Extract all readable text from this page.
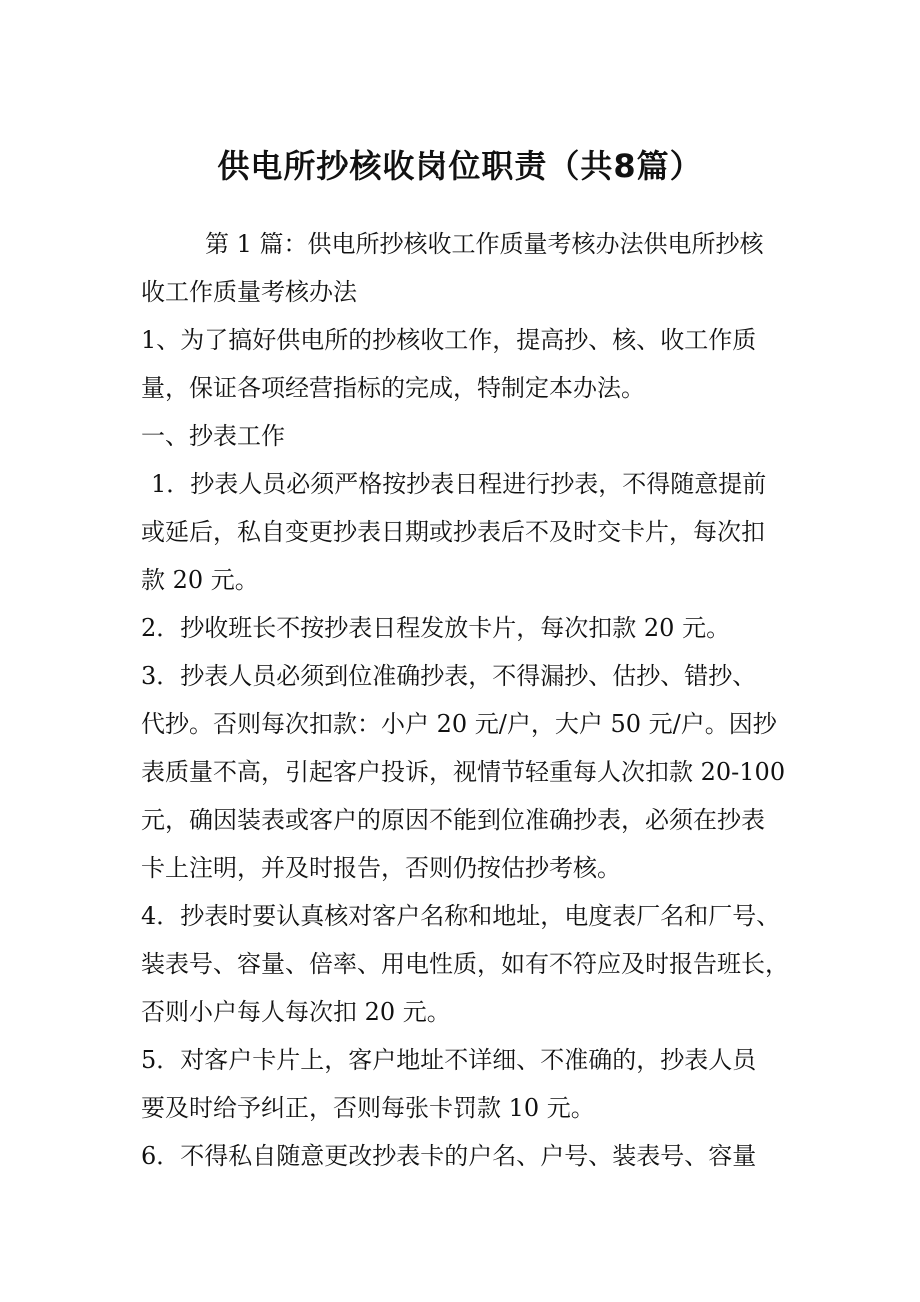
供电所抄核收岗位职责（共8篇）
第 1 篇：供电所抄核收工作质量考核办法供电所抄核
收工作质量考核办法
1、为了搞好供电所的抄核收工作，提高抄、核、收工作质
量，保证各项经营指标的完成，特制定本办法。
一、抄表工作
1．抄表人员必须严格按抄表日程进行抄表，不得随意提前
或延后，私自变更抄表日期或抄表后不及时交卡片，每次扣
款 20 元。
2．抄收班长不按抄表日程发放卡片，每次扣款 20 元。
3．抄表人员必须到位准确抄表，不得漏抄、估抄、错抄、
代抄。否则每次扣款：小户 20 元/户，大户 50 元/户。因抄
表质量不高，引起客户投诉，视情节轻重每人次扣款 20-100
元，确因装表或客户的原因不能到位准确抄表，必须在抄表
卡上注明，并及时报告，否则仍按估抄考核。
4．抄表时要认真核对客户名称和地址，电度表厂名和厂号、
装表号、容量、倍率、用电性质，如有不符应及时报告班长，
否则小户每人每次扣 20 元。
5．对客户卡片上，客户地址不详细、不准确的，抄表人员
要及时给予纠正，否则每张卡罚款 10 元。
6．不得私自随意更改抄表卡的户名、户号、装表号、容量
